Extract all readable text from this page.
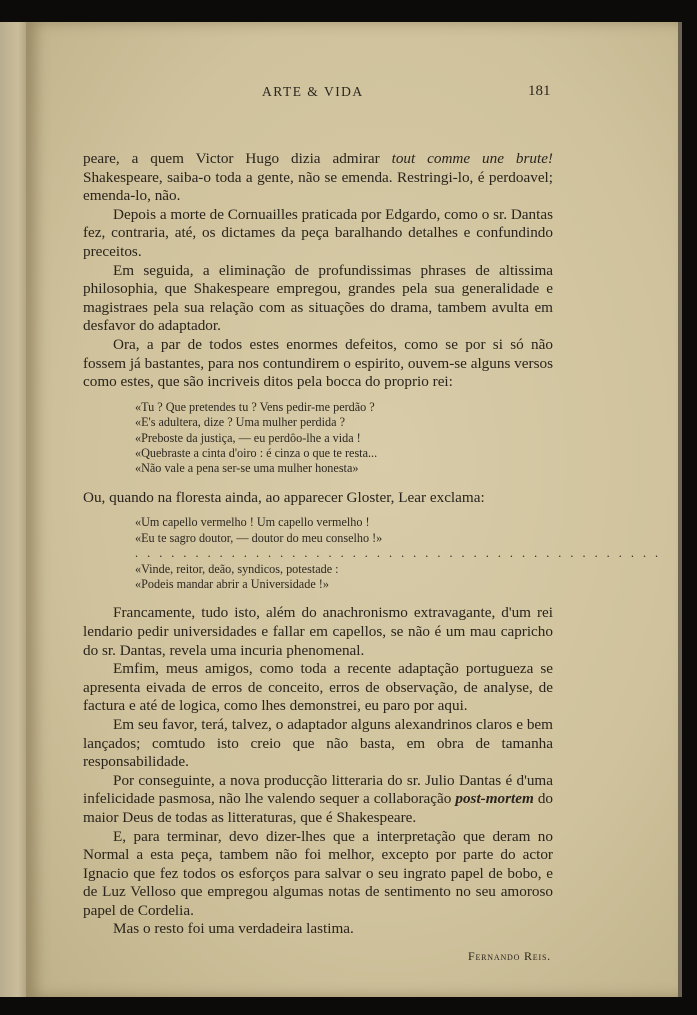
ARTE & VIDA	181

peare, a quem Victor Hugo dizia admirar tout comme une brute! Shakespeare, saiba-o toda a gente, não se emenda. Restringi-lo, é perdoavel; emenda-lo, não.

Depois a morte de Cornuailles praticada por Edgardo, como o sr. Dantas fez, contraria, até, os dictames da peça baralhando detalhes e confundindo preceitos.

Em seguida, a eliminação de profundissimas phrases de altissima philosophia, que Shakespeare empregou, grandes pela sua generalidade e magistraes pela sua relação com as situações do drama, tambem avulta em desfavor do adaptador.

Ora, a par de todos estes enormes defeitos, como se por si só não fossem já bastantes, para nos contundirem o espirito, ouvem-se alguns versos como estes, que são incriveis ditos pela bocca do proprio rei:

«Tu ? Que pretendes tu ? Vens pedir-me perdão ?
«E's adultera, dize ? Uma mulher perdida ?
«Preboste da justiça, — eu perdôo-lhe a vida !
«Quebraste a cinta d'oiro : é cinza o que te resta...
«Não vale a pena ser-se uma mulher honesta»

Ou, quando na floresta ainda, ao apparecer Gloster, Lear exclama:

«Um capello vermelho ! Um capello vermelho !
«Eu te sagro doutor, — doutor do meu conselho !»
. . . . . . . . . . . . . . . . . . . . . . . . . . . . . . . . . . . . . . . . . . . .
«Vinde, reitor, deão, syndicos, potestade :
«Podeis mandar abrir a Universidade !»

Francamente, tudo isto, além do anachronismo extravagante, d'um rei lendario pedir universidades e fallar em capellos, se não é um mau capricho do sr. Dantas, revela uma incuria phenomenal.

Emfim, meus amigos, como toda a recente adaptação portugueza se apresenta eivada de erros de conceito, erros de observação, de analyse, de factura e até de logica, como lhes demonstrei, eu paro por aqui.

Em seu favor, terá, talvez, o adaptador alguns alexandrinos claros e bem lançados; comtudo isto creio que não basta, em obra de tamanha responsabilidade.

Por conseguinte, a nova producção litteraria do sr. Julio Dantas é d'uma infelicidade pasmosa, não lhe valendo sequer a collaboração post-mortem do maior Deus de todas as litteraturas, que é Shakespeare.

E, para terminar, devo dizer-lhes que a interpretação que deram no Normal a esta peça, tambem não foi melhor, excepto por parte do actor Ignacio que fez todos os esforços para salvar o seu ingrato papel de bobo, e de Luz Velloso que empregou algumas notas de sentimento no seu amoroso papel de Cordelia.

Mas o resto foi uma verdadeira lastima.

Fernando Reis.
